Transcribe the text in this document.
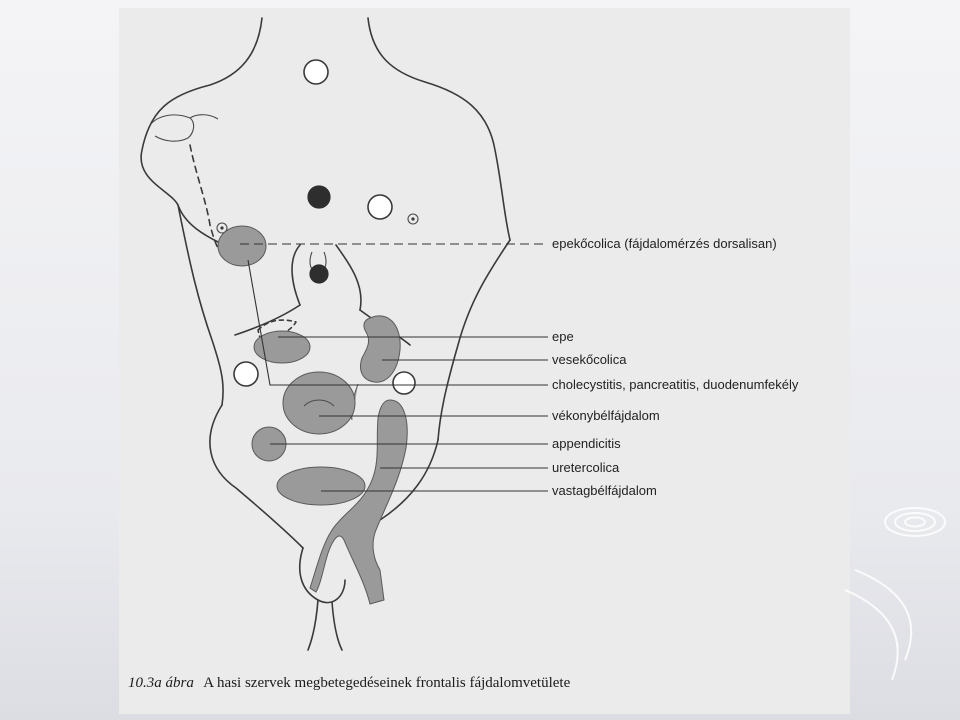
epekőcolica (fájdalomérzés dorsalisan)
epe
vesekőcolica
cholecystitis, pancreatitis, duodenumfekély
vékonybélfájdalom
appendicitis
uretercolica
vastagbélfájdalom
10.3a ábra A hasi szervek megbetegedéseinek frontalis fájdalomvetülete
